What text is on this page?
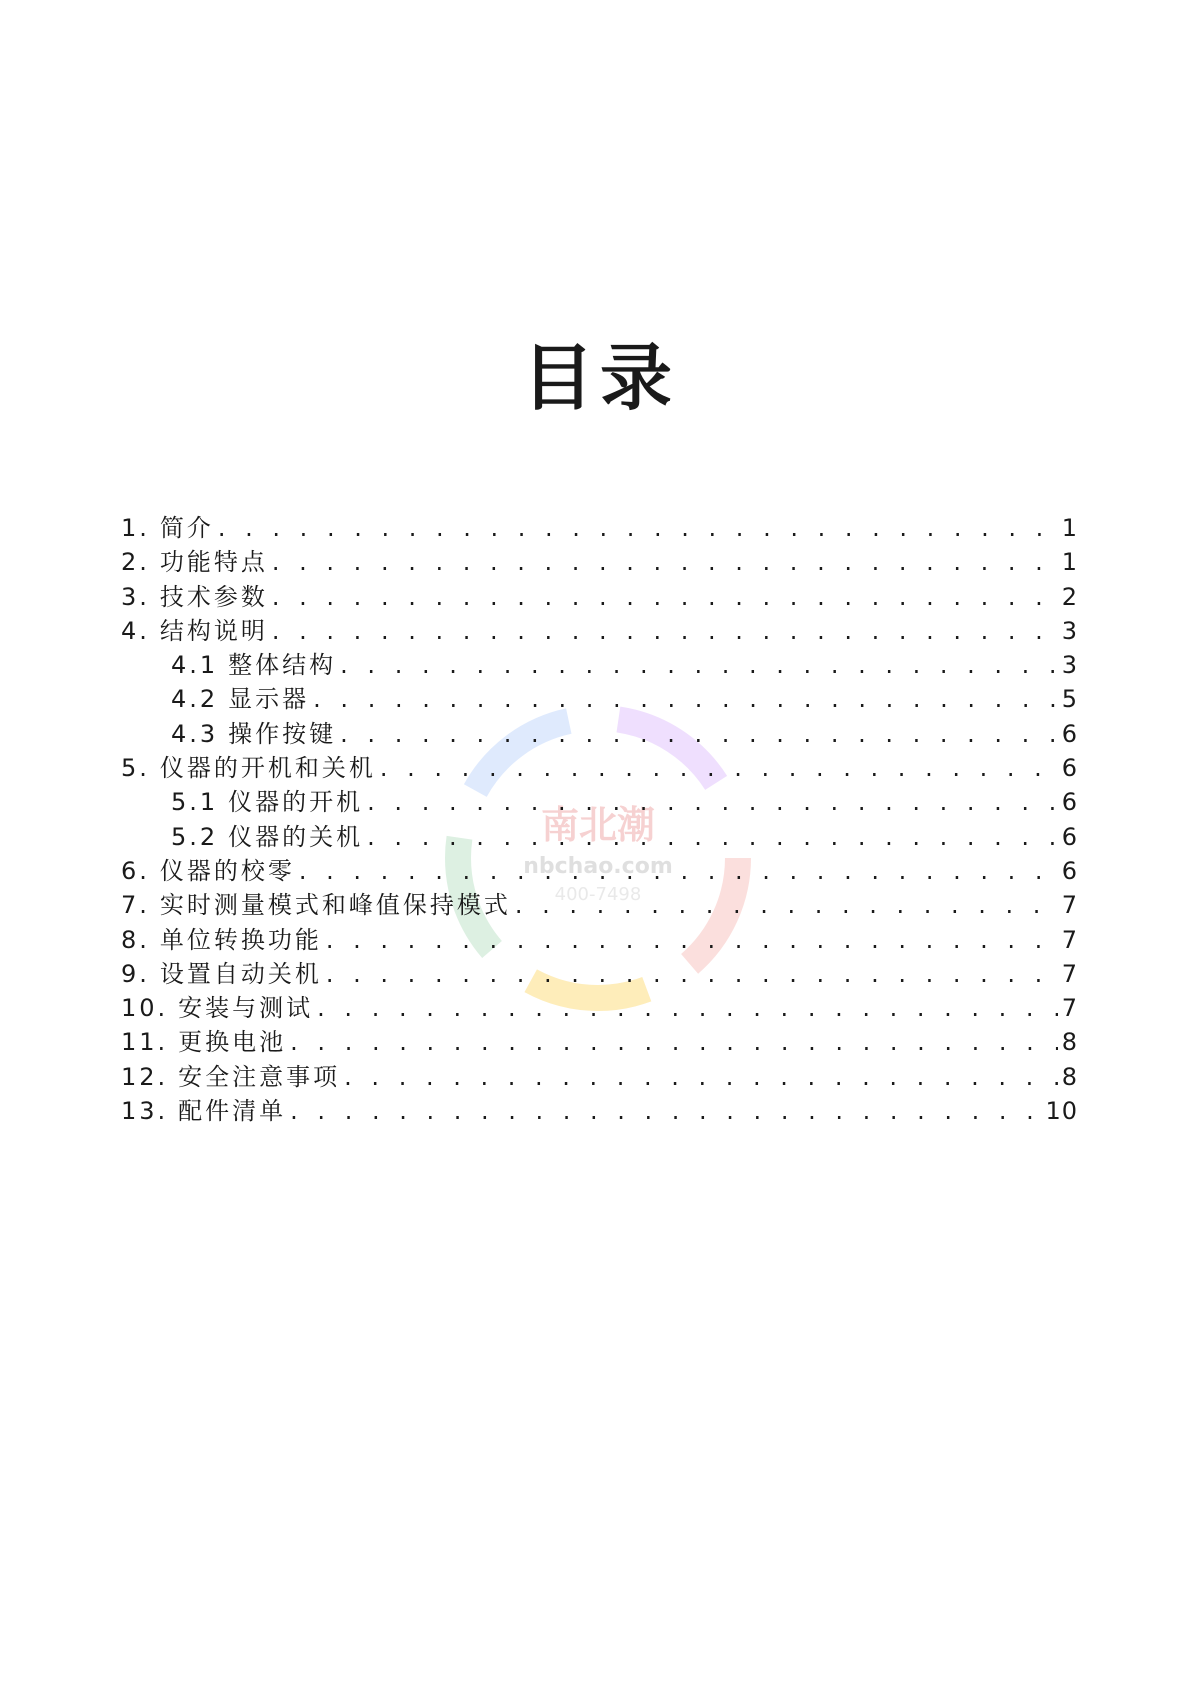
目录
南北潮
nbchao.com
400-7498
1. 简介 . . .	1
2. 功能特点 . . .	1
3. 技术参数 . . .	2
4. 结构说明 . . .	3
4.1 整体结构 . . .	3
4.2 显示器 . . .	5
4.3 操作按键 . . .	6
5. 仪器的开机和关机 . . .	6
5.1 仪器的开机 . . .	6
5.2 仪器的关机 . . .	6
6. 仪器的校零 . . .	6
7. 实时测量模式和峰值保持模式 . . .	7
8. 单位转换功能 . . .	7
9. 设置自动关机 . . .	7
10. 安装与测试 . . .	7
11. 更换电池 . . .	8
12. 安全注意事项 . . .	8
13. 配件清单 . . .	10
